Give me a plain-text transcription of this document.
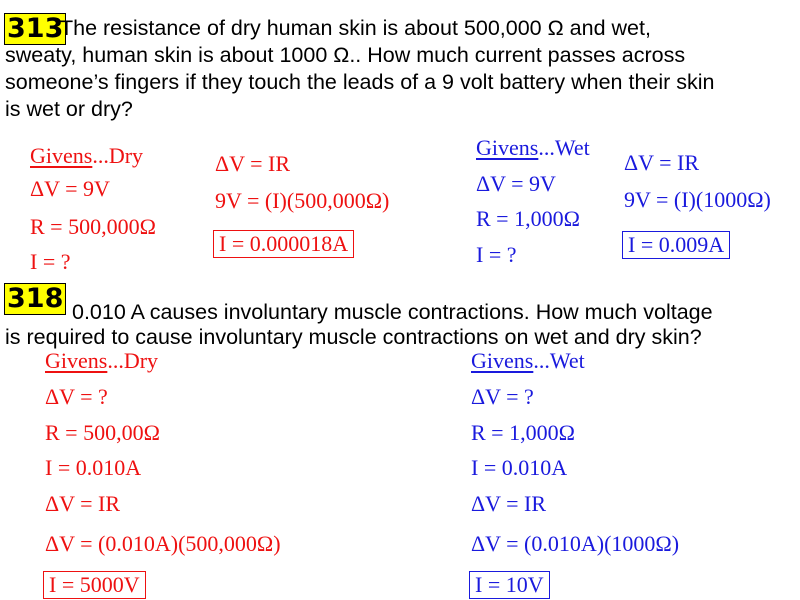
313
The resistance of dry human skin is about 500,000 Ω and wet,
sweaty, human skin is about 1000 Ω.. How much current passes across
someone’s fingers if they touch the leads of a 9 volt battery when their skin
is wet or dry?
Givens...Dry
ΔV = 9V
R = 500,000Ω
I = ?
ΔV = IR
9V = (I)(500,000Ω)
I = 0.000018A
Givens...Wet
ΔV = 9V
R = 1,000Ω
I = ?
ΔV = IR
9V = (I)(1000Ω)
I = 0.009A
318 0.010 A causes involuntary muscle contractions. How much voltage
is required to cause involuntary muscle contractions on wet and dry skin?
Givens...Dry
ΔV = ?
R = 500,00Ω
I = 0.010A
ΔV = IR
ΔV = (0.010A)(500,000Ω)
I = 5000V
Givens...Wet
ΔV = ?
R = 1,000Ω
I = 0.010A
ΔV = IR
ΔV = (0.010A)(1000Ω)
I = 10V
